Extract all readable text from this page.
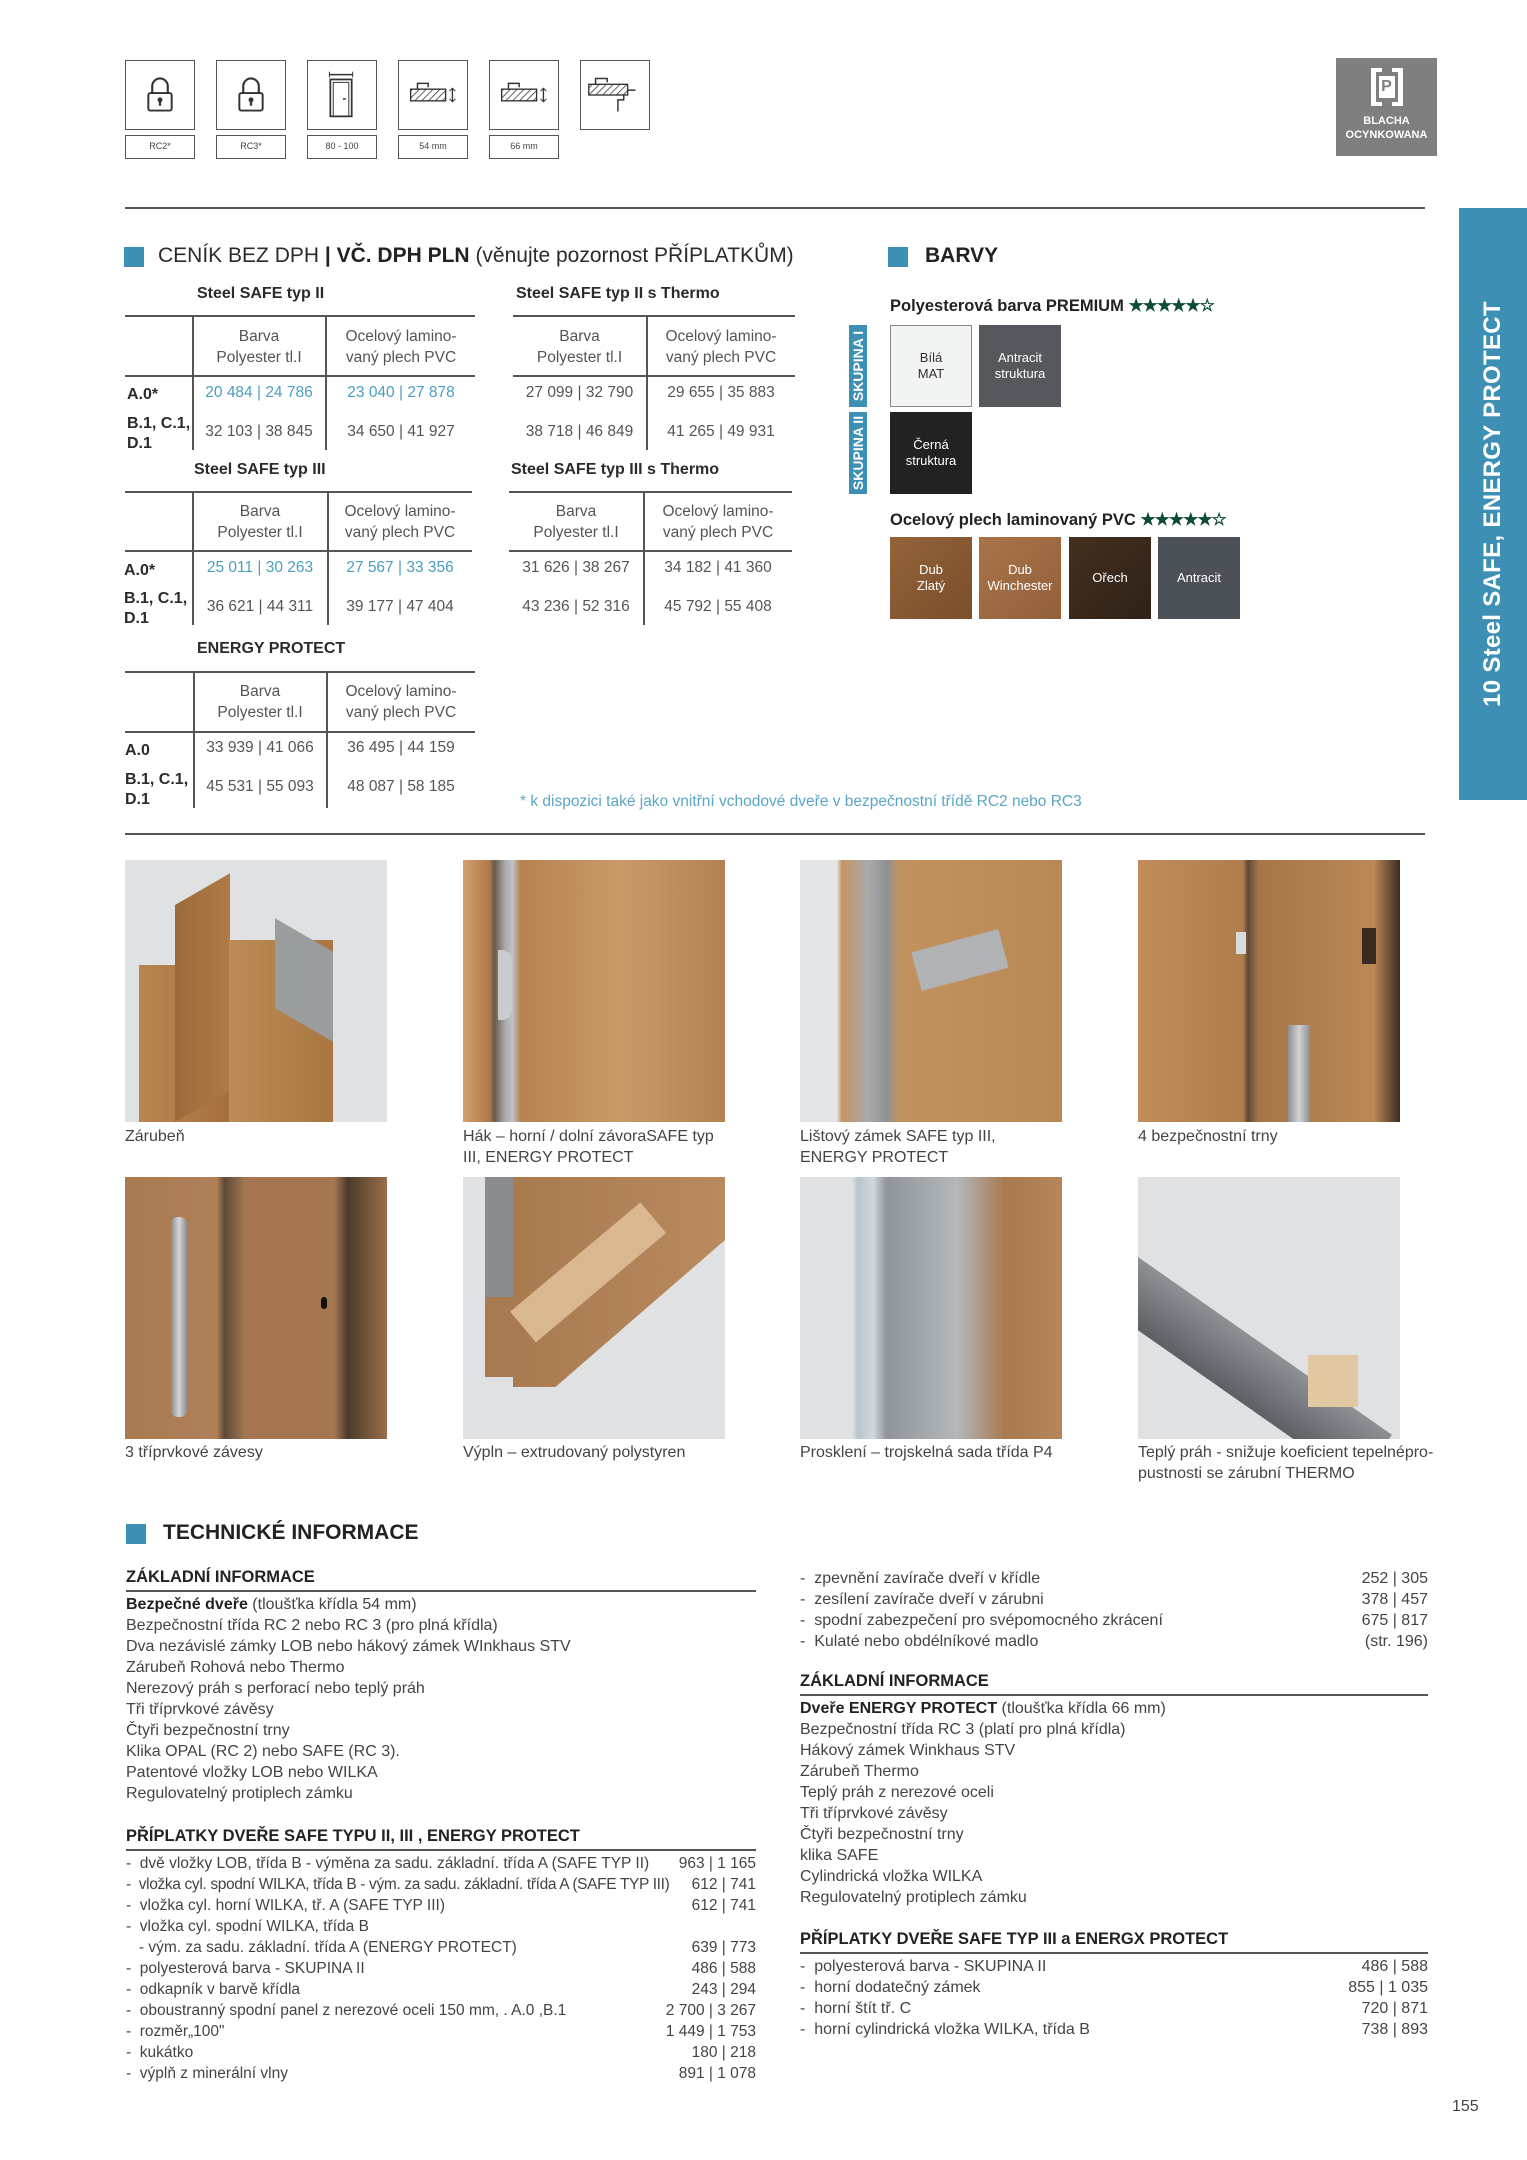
RC2*	RC3*	80 - 100	54 mm	66 mm
P
BLACHA
OCYNKOWANA
10 Steel SAFE, ENERGY PROTECT
CENÍK BEZ DPH | VČ. DPH PLN (věnujte pozornost PŘÍPLATKŮM)
Steel SAFE typ II
Barva
Polyester tl.I
Ocelový lamino-
vaný plech PVC
A.0*	20 484 | 24 786	23 040 | 27 878
B.1, C.1, D.1
32 103 | 38 845	34 650 | 41 927
Steel SAFE typ II s Thermo
Barva
Polyester tl.I
Ocelový lamino-
vaný plech PVC
27 099 | 32 790	29 655 | 35 883
38 718 | 46 849	41 265 | 49 931
Steel SAFE typ III
Barva
Polyester tl.I
Ocelový lamino-
vaný plech PVC
A.0*	25 011 | 30 263	27 567 | 33 356
B.1, C.1, D.1
36 621 | 44 311	39 177 | 47 404
Steel SAFE typ III s Thermo
Barva
Polyester tl.I
Ocelový lamino-
vaný plech PVC
31 626 | 38 267	34 182 | 41 360
43 236 | 52 316	45 792 | 55 408
ENERGY PROTECT
Barva
Polyester tl.I
Ocelový lamino-
vaný plech PVC
A.0	33 939 | 41 066	36 495 | 44 159
B.1, C.1, D.1
45 531 | 55 093	48 087 | 58 185
* k dispozici také jako vnitřní vchodové dveře v bezpečnostní třídě RC2 nebo RC3
BARVY
Polyesterová barva PREMIUM ★★★★★☆
SKUPINA I
SKUPINA II
Bílá
MAT
Antracit
struktura
Černá
struktura
Ocelový plech laminovaný PVC ★★★★★☆
Dub
Zlatý
Dub
Winchester
Ořech	Antracit
Zárubeň	Hák – horní / dolní závoraSAFE typ III, ENERGY PROTECT
Lištový zámek SAFE typ III, ENERGY PROTECT
4 bezpečnostní trny
3 tříprvkové závesy	Výpln – extrudovaný polystyren	Prosklení – trojskelná sada třída P4	Teplý práh - snižuje koeficient tepelnépro-pustnosti se zárubní THERMO
TECHNICKÉ INFORMACE
ZÁKLADNÍ INFORMACE
Bezpečné dveře (tloušťka křídla 54 mm)
Bezpečnostní třída RC 2 nebo RC 3 (pro plná křídla)
Dva nezávislé zámky LOB nebo hákový zámek WInkhaus STV
Zárubeň Rohová nebo Thermo
Nerezový práh s perforací nebo teplý práh
Tři tříprvkové závěsy
Čtyři bezpečnostní trny
Klika OPAL (RC 2) nebo SAFE (RC 3).
Patentové vložky LOB nebo WILKA
Regulovatelný protiplech zámku
PŘÍPLATKY DVEŘE SAFE TYPU II, III , ENERGY PROTECT
-  dvě vložky LOB, třída B - výměna za sadu. základní. třída A (SAFE TYP II) 963 | 1 165
-  vložka cyl. spodní WILKA, třída B - vým. za sadu. základní. třída A (SAFE TYP III) 612 | 741
-  vložka cyl. horní WILKA, tř. A (SAFE TYP III)	612 | 741
-  vložka cyl. spodní WILKA, třída B
- vým. za sadu. základní. třída A (ENERGY PROTECT)	639 | 773
-  polyesterová barva - SKUPINA II	486 | 588
-  odkapník v barvě křídla	243 | 294
-  oboustranný spodní panel z nerezové oceli 150 mm, . A.0 ,B.1	2 700 | 3 267
-  rozměr„100"	1 449 | 1 753
-  kukátko	180 | 218
-  výplň z minerální vlny	891 | 1 078
-  zpevnění zavírače dveří v křídle	252 | 305
-  zesílení zavírače dveří v zárubni	378 | 457
-  spodní zabezpečení pro svépomocného zkrácení	675 | 817
-  Kulaté nebo obdélníkové madlo	(str. 196)
ZÁKLADNÍ INFORMACE
Dveře ENERGY PROTECT (tloušťka křídla 66 mm)
Bezpečnostní třída RC 3 (platí pro plná křídla)
Hákový zámek Winkhaus STV
Zárubeň Thermo
Teplý práh z nerezové oceli
Tři tříprvkové závěsy
Čtyři bezpečnostní trny
klika SAFE
Cylindrická vložka WILKA
Regulovatelný protiplech zámku
PŘÍPLATKY DVEŘE SAFE TYP III a ENERGX PROTECT
-  polyesterová barva - SKUPINA II	486 | 588
-  horní dodatečný zámek	855 | 1 035
-  horní štít tř. C	720 | 871
-  horní cylindrická vložka WILKA, třída B	738 | 893
155
